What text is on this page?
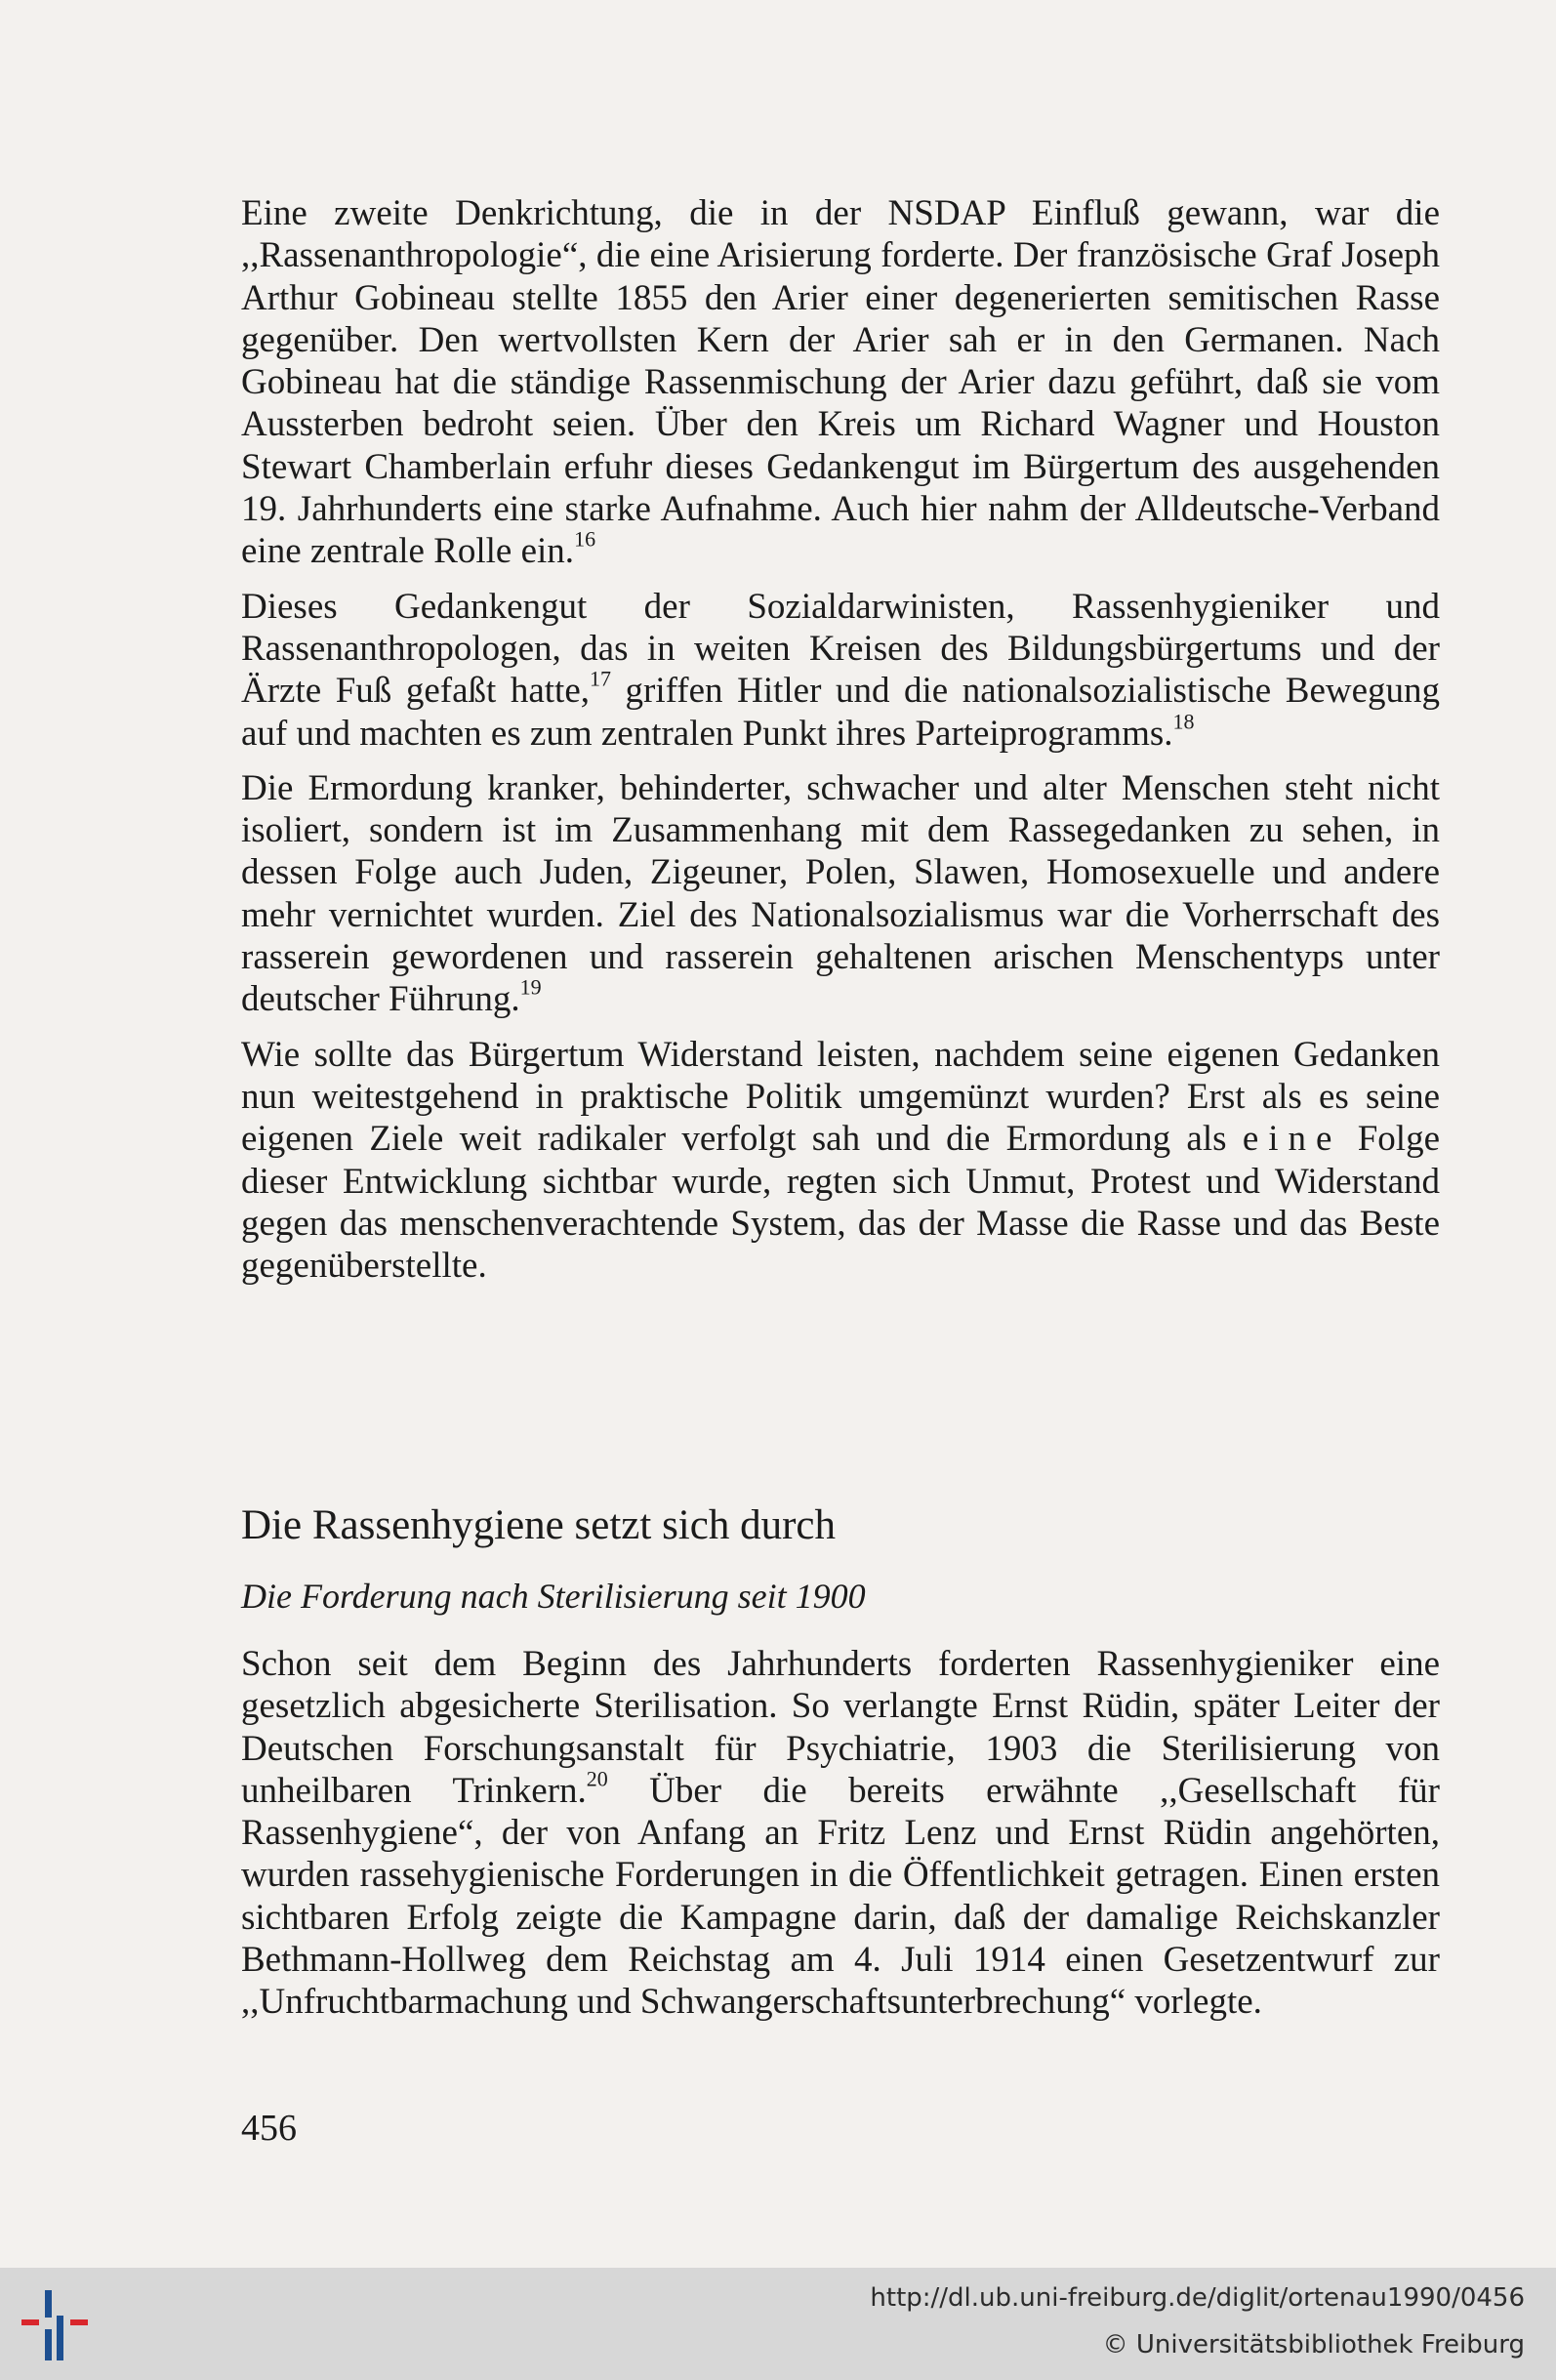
Eine zweite Denkrichtung, die in der NSDAP Einfluß gewann, war die ,,Rassenanthropologie“, die eine Arisierung forderte. Der französische Graf Joseph Arthur Gobineau stellte 1855 den Arier einer degenerierten semitischen Rasse gegenüber. Den wertvollsten Kern der Arier sah er in den Germanen. Nach Gobineau hat die ständige Rassenmischung der Arier dazu geführt, daß sie vom Aussterben bedroht seien. Über den Kreis um Richard Wagner und Houston Stewart Chamberlain erfuhr dieses Gedankengut im Bürgertum des ausgehenden 19. Jahrhunderts eine starke Aufnahme. Auch hier nahm der Alldeutsche-Verband eine zentrale Rolle ein.$^{16}$

Dieses Gedankengut der Sozialdarwinisten, Rassenhygieniker und Rassenanthropologen, das in weiten Kreisen des Bildungsbürgertums und der Ärzte Fuß gefaßt hatte,$^{17}$ griffen Hitler und die nationalsozialistische Bewegung auf und machten es zum zentralen Punkt ihres Parteiprogramms.$^{18}$

Die Ermordung kranker, behinderter, schwacher und alter Menschen steht nicht isoliert, sondern ist im Zusammenhang mit dem Rassegedanken zu sehen, in dessen Folge auch Juden, Zigeuner, Polen, Slawen, Homosexuelle und andere mehr vernichtet wurden. Ziel des Nationalsozialismus war die Vorherrschaft des rasserein gewordenen und rasserein gehaltenen arischen Menschentyps unter deutscher Führung.$^{19}$

Wie sollte das Bürgertum Widerstand leisten, nachdem seine eigenen Gedanken nun weitestgehend in praktische Politik umgemünzt wurden? Erst als es seine eigenen Ziele weit radikaler verfolgt sah und die Ermordung als eine Folge dieser Entwicklung sichtbar wurde, regten sich Unmut, Protest und Widerstand gegen das menschenverachtende System, das der Masse die Rasse und das Beste gegenüberstellte.

Die Rassenhygiene setzt sich durch
Die Forderung nach Sterilisierung seit 1900

Schon seit dem Beginn des Jahrhunderts forderten Rassenhygieniker eine gesetzlich abgesicherte Sterilisation. So verlangte Ernst Rüdin, später Leiter der Deutschen Forschungsanstalt für Psychiatrie, 1903 die Sterilisierung von unheilbaren Trinkern.$^{20}$ Über die bereits erwähnte ,,Gesellschaft für Rassenhygiene“, der von Anfang an Fritz Lenz und Ernst Rüdin angehörten, wurden rassehygienische Forderungen in die Öffentlichkeit getragen. Einen ersten sichtbaren Erfolg zeigte die Kampagne darin, daß der damalige Reichskanzler Bethmann-Hollweg dem Reichstag am 4. Juli 1914 einen Gesetzentwurf zur ,,Unfruchtbarmachung und Schwangerschaftsunterbrechung“ vorlegte.

456
http://dl.ub.uni-freiburg.de/diglit/ortenau1990/0456
© Universitätsbibliothek Freiburg
